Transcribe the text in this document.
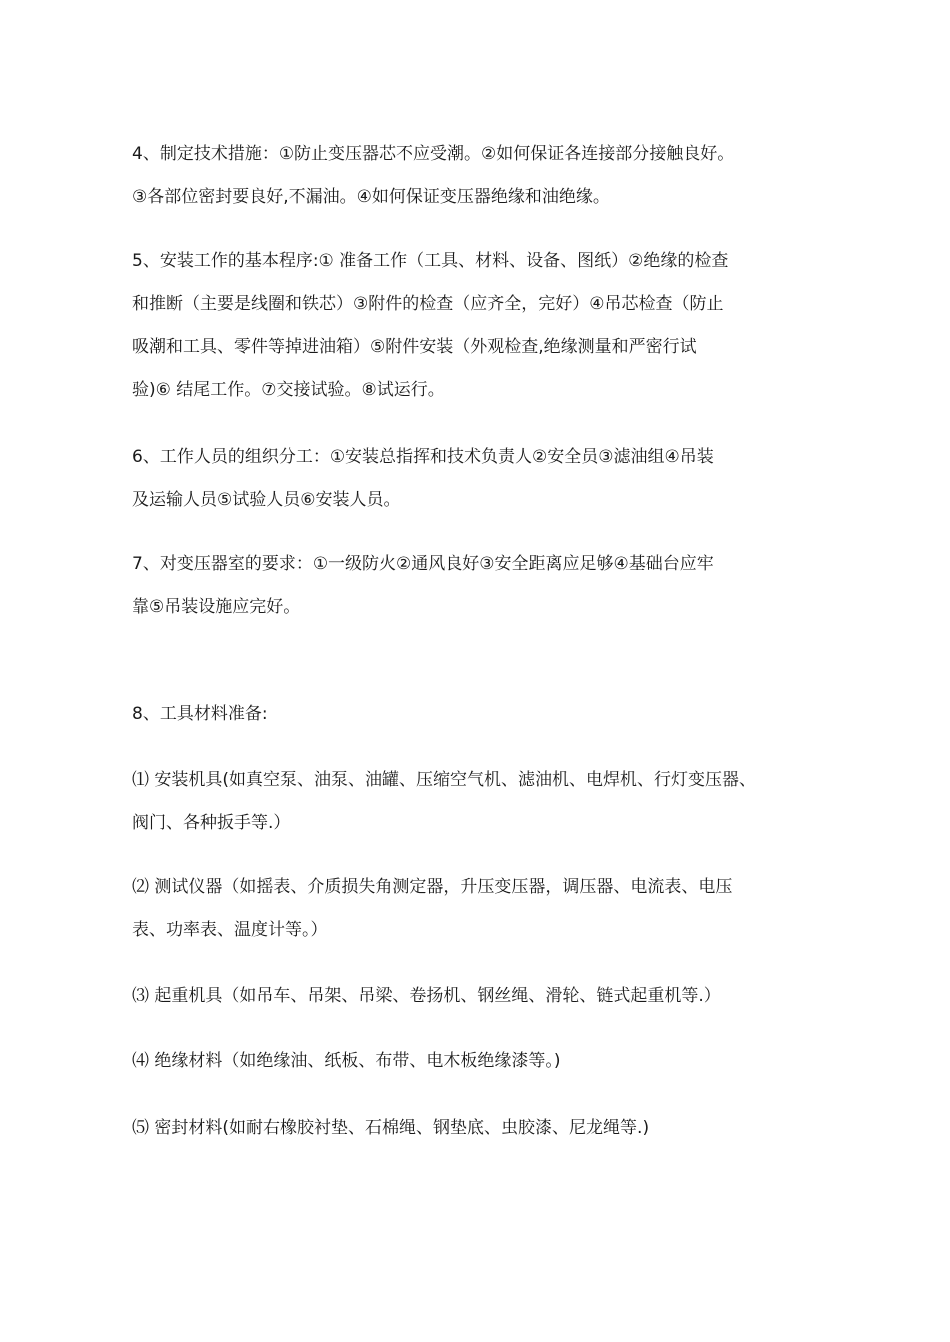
4、制定技术措施：①防止变压器芯不应受潮。②如何保证各连接部分接触良好。
③各部位密封要良好,不漏油。④如何保证变压器绝缘和油绝缘。
5、安装工作的基本程序:① 准备工作（工具、材料、设备、图纸）②绝缘的检查
和推断（主要是线圈和铁芯）③附件的检查（应齐全，完好）④吊芯检查（防止
吸潮和工具、零件等掉进油箱）⑤附件安装（外观检查,绝缘测量和严密行试
验)⑥ 结尾工作。⑦交接试验。⑧试运行。
6、工作人员的组织分工：①安装总指挥和技术负责人②安全员③滤油组④吊装
及运输人员⑤试验人员⑥安装人员。
7、对变压器室的要求：①一级防火②通风良好③安全距离应足够④基础台应牢
靠⑤吊装设施应完好。
8、工具材料准备:
⑴ 安装机具(如真空泵、油泵、油罐、压缩空气机、滤油机、电焊机、行灯变压器、
阀门、各种扳手等.）
⑵ 测试仪器（如摇表、介质损失角测定器，升压变压器，调压器、电流表、电压
表、功率表、温度计等。）
⑶ 起重机具（如吊车、吊架、吊梁、卷扬机、钢丝绳、滑轮、链式起重机等.）
⑷ 绝缘材料（如绝缘油、纸板、布带、电木板绝缘漆等。)
⑸ 密封材料(如耐右橡胶衬垫、石棉绳、钢垫底、虫胶漆、尼龙绳等.)
